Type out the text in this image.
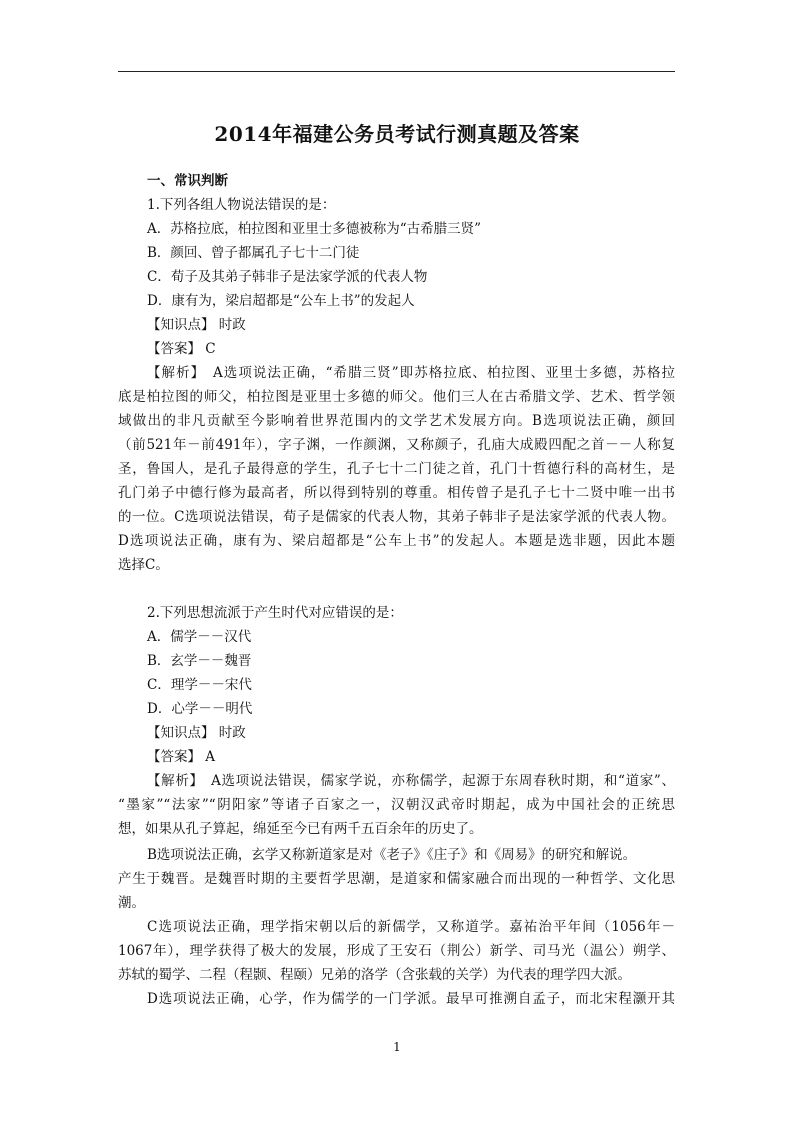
2014年福建公务员考试行测真题及答案
一、常识判断
1.下列各组人物说法错误的是：
A．苏格拉底，柏拉图和亚里士多德被称为“古希腊三贤”
B．颜回、曾子都属孔子七十二门徒
C．荀子及其弟子韩非子是法家学派的代表人物
D．康有为，梁启超都是“公车上书”的发起人
【知识点】 时政
【答案】 C
【解析】　A选项说法正确，“希腊三贤”即苏格拉底、柏拉图、亚里士多德，苏格拉
底是柏拉图的师父，柏拉图是亚里士多德的师父。他们三人在古希腊文学、艺术、哲学领
域做出的非凡贡献至今影响着世界范围内的文学艺术发展方向。B选项说法正确，颜回
（前521年－前491年），字子渊，一作颜渊，又称颜子，孔庙大成殿四配之首－－人称复
圣，鲁国人，是孔子最得意的学生，孔子七十二门徒之首，孔门十哲德行科的高材生，是
孔门弟子中德行修为最高者，所以得到特别的尊重。相传曾子是孔子七十二贤中唯一出书
的一位。C选项说法错误，荀子是儒家的代表人物，其弟子韩非子是法家学派的代表人物。
D选项说法正确，康有为、梁启超都是“公车上书”的发起人。本题是选非题，因此本题
选择C。
2.下列思想流派于产生时代对应错误的是：
A．儒学－－汉代
B．玄学－－魏晋
C．理学－－宋代
D．心学－－明代
【知识点】 时政
【答案】 A
【解析】　A选项说法错误，儒家学说，亦称儒学，起源于东周春秋时期，和“道家”、
“墨家”“法家”“阴阳家”等诸子百家之一，汉朝汉武帝时期起，成为中国社会的正统思
想，如果从孔子算起，绵延至今已有两千五百余年的历史了。
B选项说法正确，玄学又称新道家是对《老子》《庄子》和《周易》的研究和解说。
产生于魏晋。是魏晋时期的主要哲学思潮，是道家和儒家融合而出现的一种哲学、文化思
潮。
C选项说法正确，理学指宋朝以后的新儒学，又称道学。嘉祐治平年间（1056年－
1067年），理学获得了极大的发展，形成了王安石（荆公）新学、司马光（温公）朔学、
苏轼的蜀学、二程（程颢、程颐）兄弟的洛学（含张载的关学）为代表的理学四大派。
D选项说法正确，心学，作为儒学的一门学派。最早可推溯自孟子，而北宋程灏开其
1
